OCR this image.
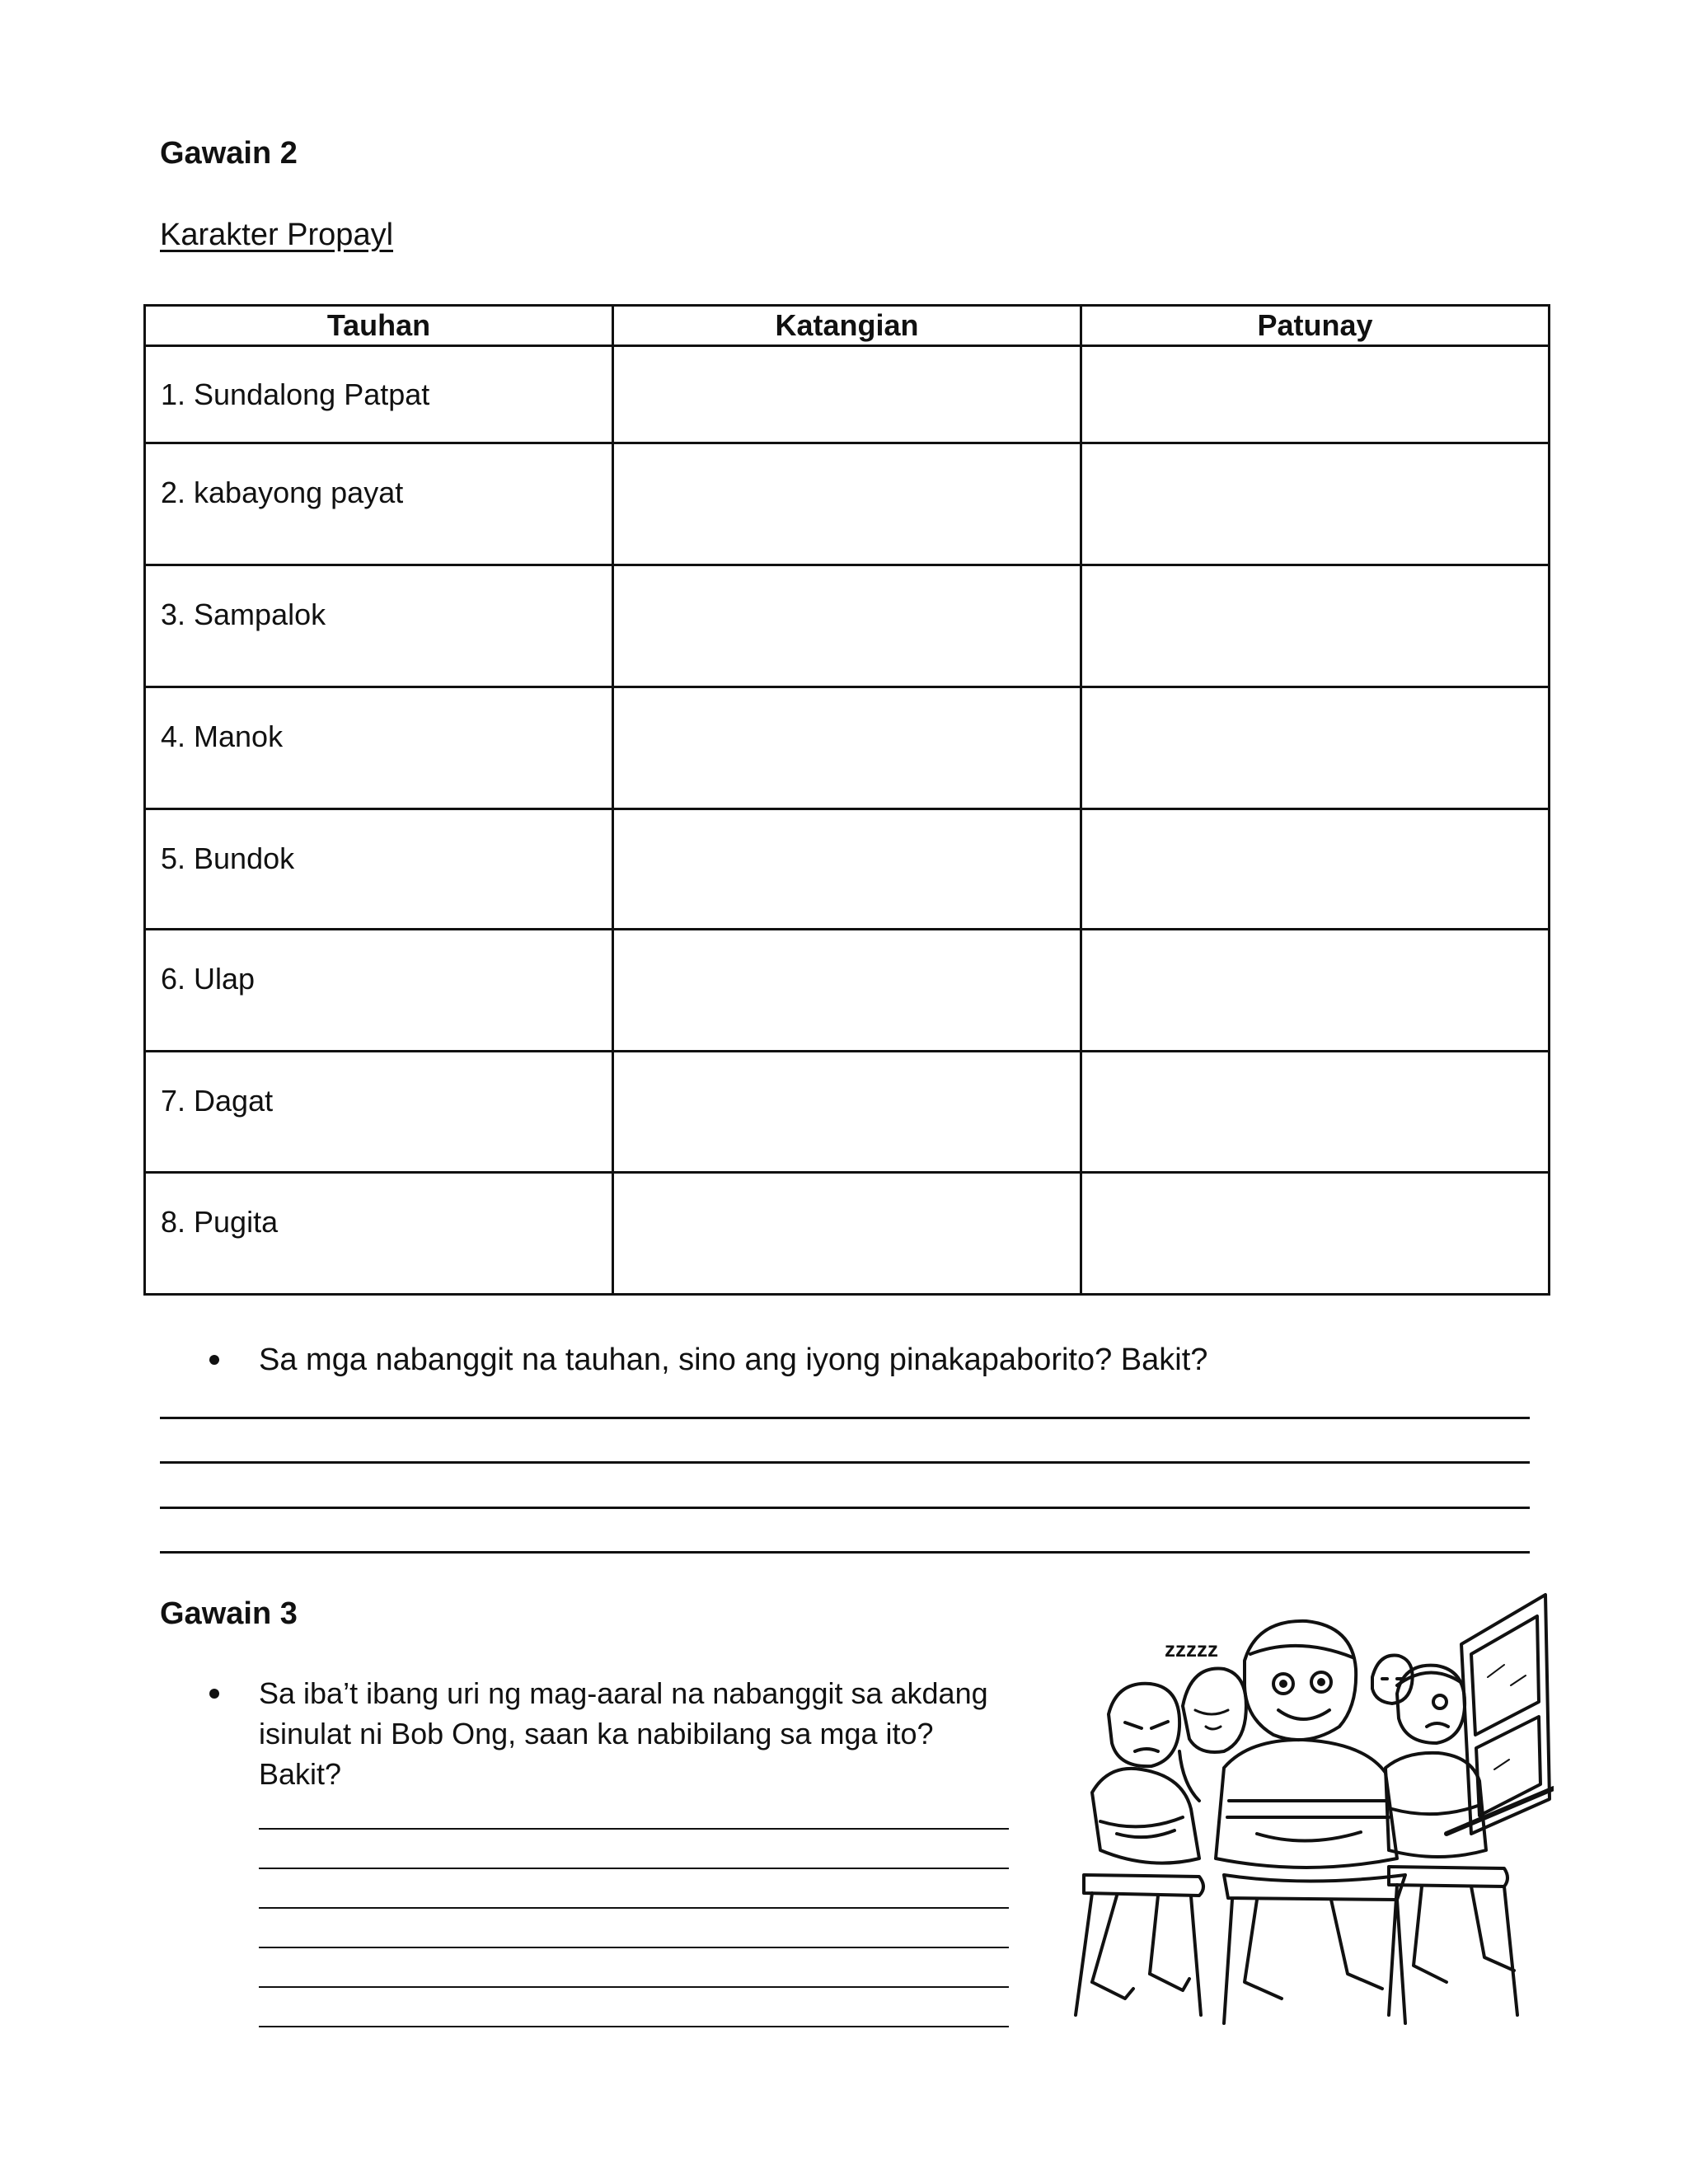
Gawain 2
Karakter Propayl
Tauhan	Katangian	Patunay
1. Sundalong Patpat		
2. kabayong payat		
3. Sampalok		
4. Manok		
5. Bundok		
6. Ulap		
7. Dagat		
8. Pugita		
Sa mga nabanggit na tauhan, sino ang iyong pinakapaborito? Bakit?
Gawain 3
Sa iba’t ibang uri ng mag-aaral na nabanggit sa akdang
isinulat ni Bob Ong, saan ka nabibilang sa mga ito?
Bakit?
zzzzz
